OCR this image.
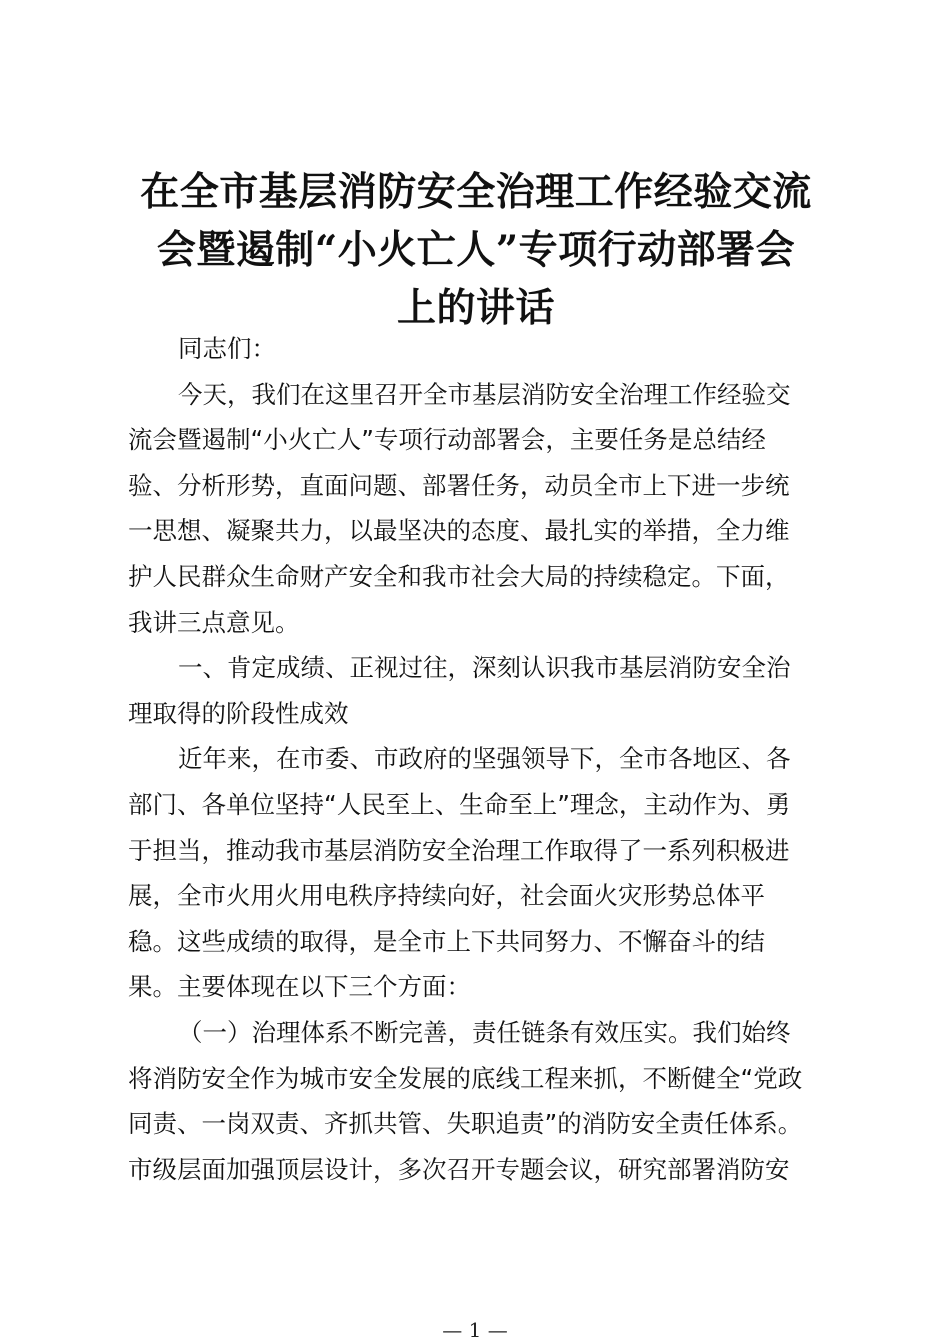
在全市基层消防安全治理工作经验交流
会暨遏制“小火亡人”专项行动部署会
上的讲话
同志们：
今天，我们在这里召开全市基层消防安全治理工作经验交
流会暨遏制“小火亡人”专项行动部署会，主要任务是总结经
验、分析形势，直面问题、部署任务，动员全市上下进一步统
一思想、凝聚共力，以最坚决的态度、最扎实的举措，全力维
护人民群众生命财产安全和我市社会大局的持续稳定。下面，
我讲三点意见。
一、肯定成绩、正视过往，深刻认识我市基层消防安全治
理取得的阶段性成效
近年来，在市委、市政府的坚强领导下，全市各地区、各
部门、各单位坚持“人民至上、生命至上”理念，主动作为、勇
于担当，推动我市基层消防安全治理工作取得了一系列积极进
展，全市火用火用电秩序持续向好，社会面火灾形势总体平
稳。这些成绩的取得，是全市上下共同努力、不懈奋斗的结
果。主要体现在以下三个方面：
（一）治理体系不断完善，责任链条有效压实。我们始终
将消防安全作为城市安全发展的底线工程来抓，不断健全“党政
同责、一岗双责、齐抓共管、失职追责”的消防安全责任体系。
市级层面加强顶层设计，多次召开专题会议，研究部署消防安
— 1 —
